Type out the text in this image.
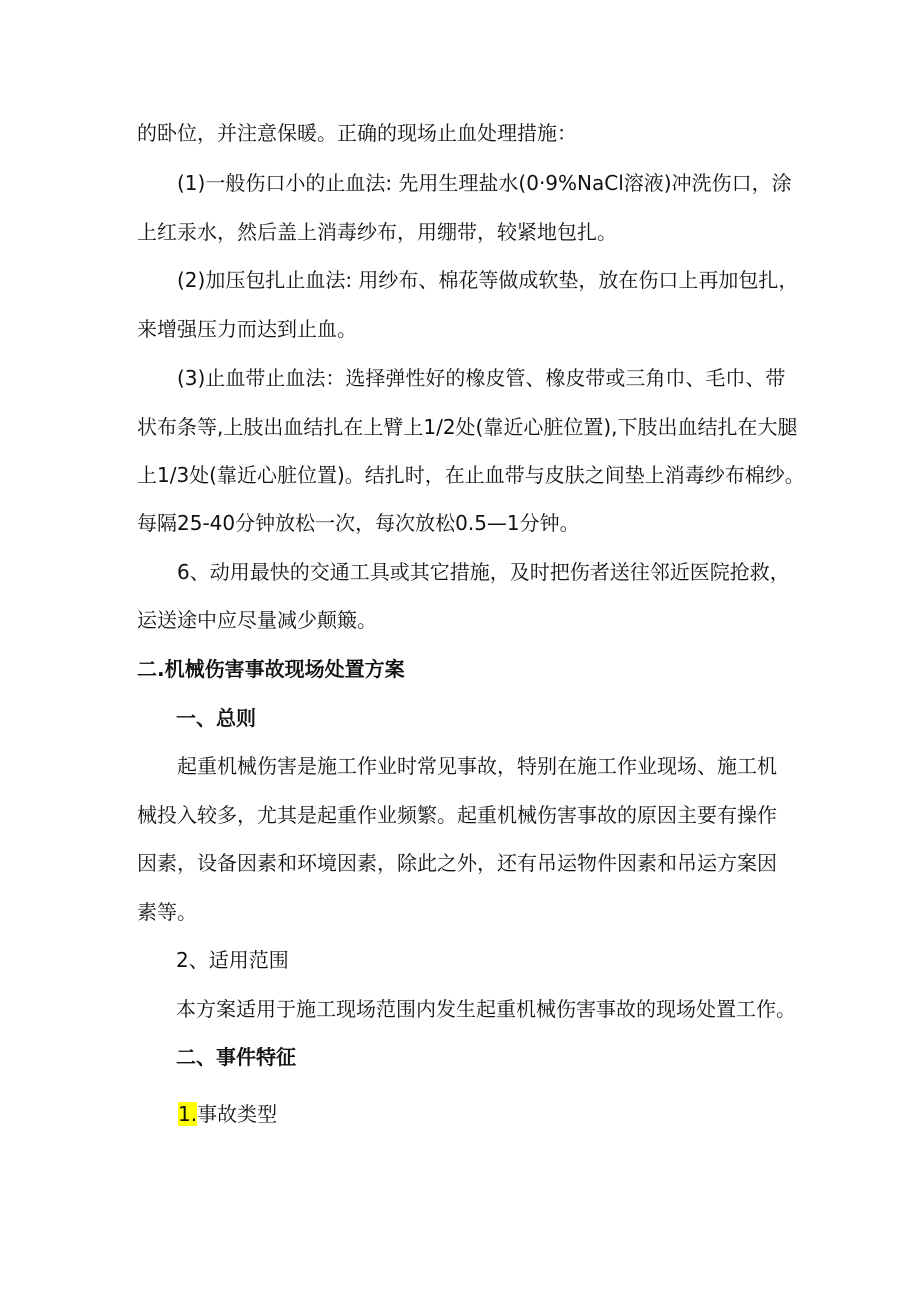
的卧位，并注意保暖。正确的现场止血处理措施：
(1)一般伤口小的止血法: 先用生理盐水(0·9%NaCl溶液)冲洗伤口，涂
上红汞水，然后盖上消毒纱布，用绷带，较紧地包扎。
(2)加压包扎止血法: 用纱布、棉花等做成软垫，放在伤口上再加包扎，
来增强压力而达到止血。
(3)止血带止血法：选择弹性好的橡皮管、橡皮带或三角巾、毛巾、带
状布条等,上肢出血结扎在上臂上1/2处(靠近心脏位置),下肢出血结扎在大腿
上1/3处(靠近心脏位置)。结扎时，在止血带与皮肤之间垫上消毒纱布棉纱。
每隔25-40分钟放松一次，每次放松0.5—1分钟。
6、动用最快的交通工具或其它措施，及时把伤者送往邻近医院抢救，
运送途中应尽量减少颠簸。
二.机械伤害事故现场处置方案
一、总则
起重机械伤害是施工作业时常见事故，特别在施工作业现场、施工机
械投入较多，尤其是起重作业频繁。起重机械伤害事故的原因主要有操作
因素，设备因素和环境因素，除此之外，还有吊运物件因素和吊运方案因
素等。
2、适用范围
本方案适用于施工现场范围内发生起重机械伤害事故的现场处置工作。
二、事件特征
1.事故类型
